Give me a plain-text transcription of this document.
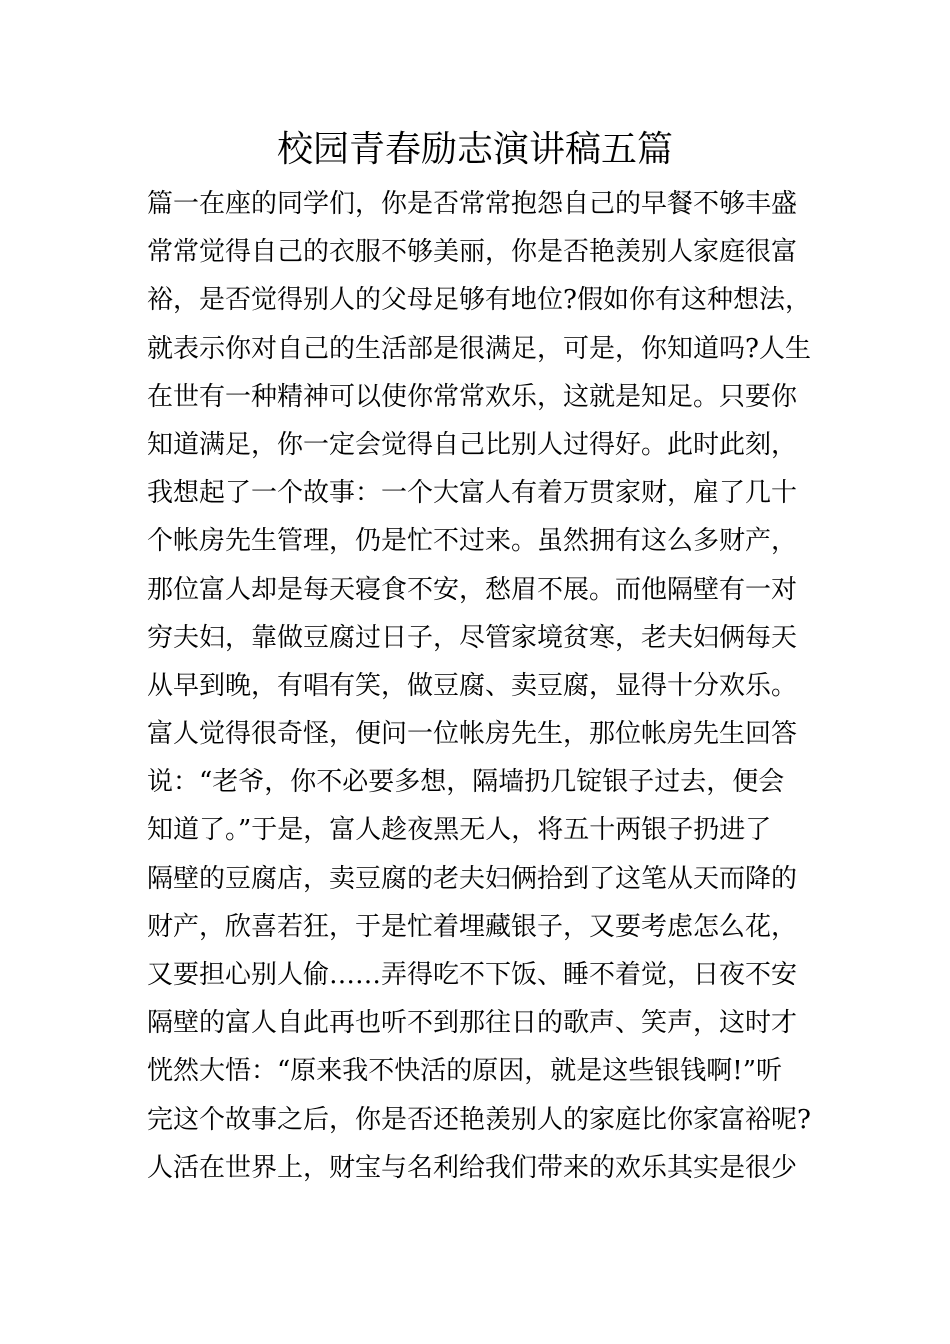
校园青春励志演讲稿五篇
篇一在座的同学们，你是否常常抱怨自己的早餐不够丰盛
常常觉得自己的衣服不够美丽，你是否艳羡别人家庭很富
裕，是否觉得别人的父母足够有地位?假如你有这种想法，
就表示你对自己的生活部是很满足，可是，你知道吗?人生
在世有一种精神可以使你常常欢乐，这就是知足。只要你
知道满足，你一定会觉得自己比别人过得好。此时此刻，
我想起了一个故事：一个大富人有着万贯家财，雇了几十
个帐房先生管理，仍是忙不过来。虽然拥有这么多财产，
那位富人却是每天寝食不安，愁眉不展。而他隔壁有一对
穷夫妇，靠做豆腐过日子，尽管家境贫寒，老夫妇俩每天
从早到晚，有唱有笑，做豆腐、卖豆腐，显得十分欢乐。
富人觉得很奇怪，便问一位帐房先生，那位帐房先生回答
说：“老爷，你不必要多想，隔墙扔几锭银子过去，便会
知道了。”于是，富人趁夜黑无人，将五十两银子扔进了
隔壁的豆腐店，卖豆腐的老夫妇俩拾到了这笔从天而降的
财产，欣喜若狂，于是忙着埋藏银子，又要考虑怎么花，
又要担心别人偷……弄得吃不下饭、睡不着觉，日夜不安
隔壁的富人自此再也听不到那往日的歌声、笑声，这时才
恍然大悟：“原来我不快活的原因，就是这些银钱啊!”听
完这个故事之后，你是否还艳羡别人的家庭比你家富裕呢?
人活在世界上，财宝与名利给我们带来的欢乐其实是很少
